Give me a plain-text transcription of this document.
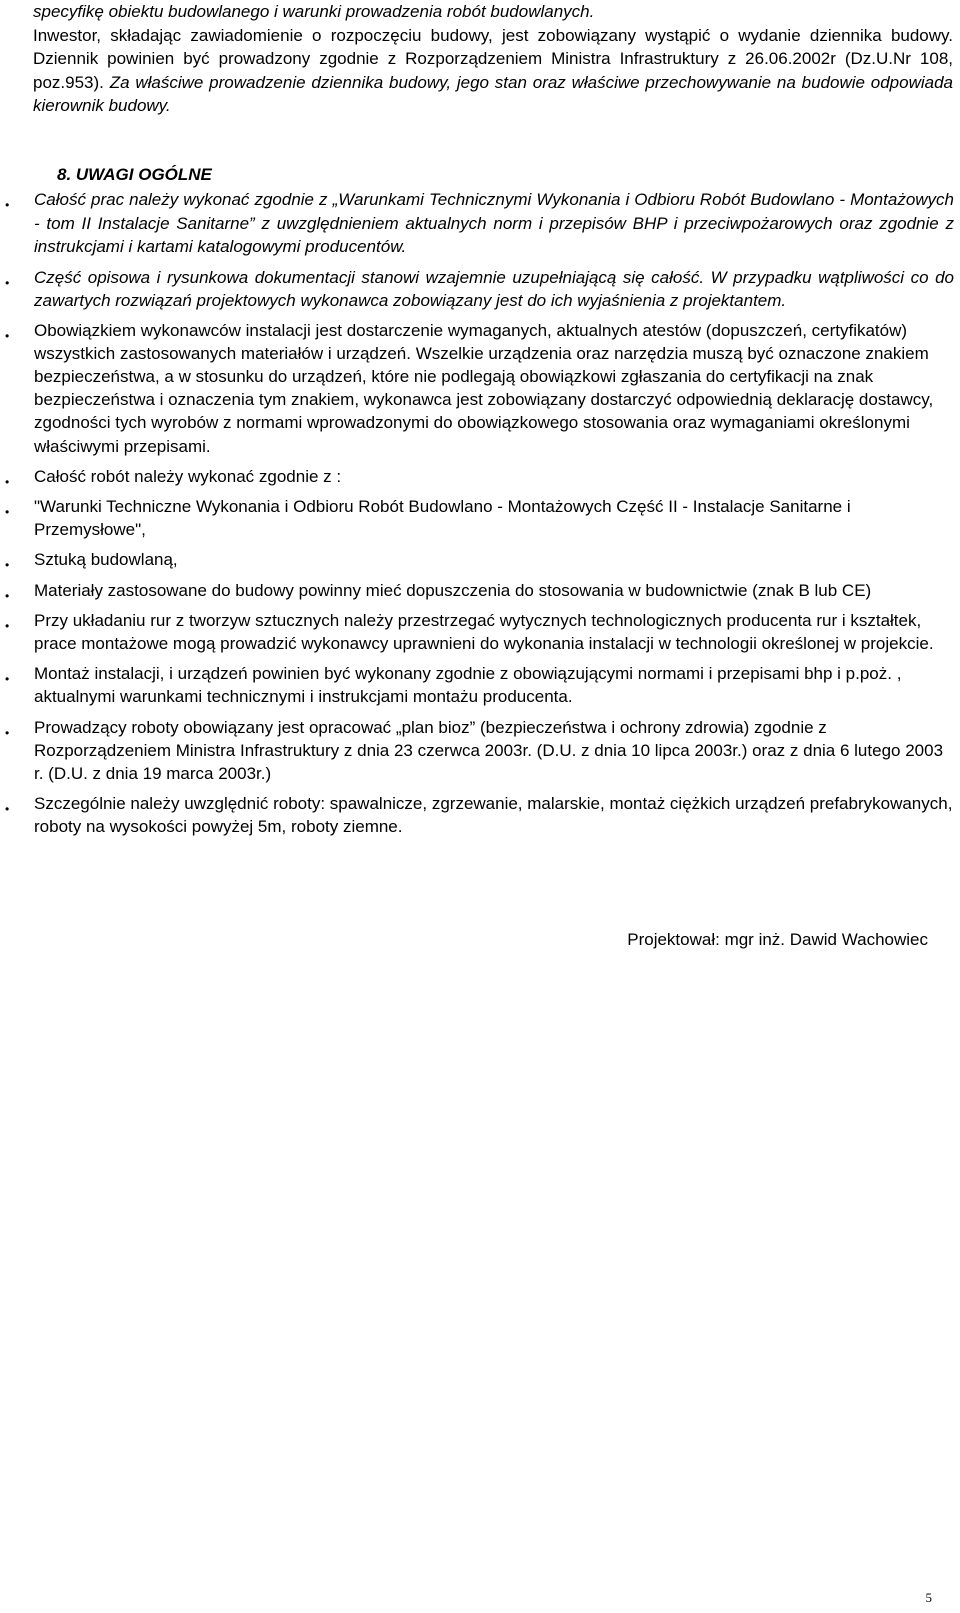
specyfikę obiektu budowlanego i warunki prowadzenia robót budowlanych.

Inwestor, składając zawiadomienie o rozpoczęciu budowy, jest zobowiązany wystąpić o wydanie dziennika budowy. Dziennik powinien być prowadzony zgodnie z Rozporządzeniem Ministra Infrastruktury z 26.06.2002r (Dz.U.Nr 108, poz.953). Za właściwe prowadzenie dziennika budowy, jego stan oraz właściwe przechowywanie na budowie odpowiada kierownik budowy.

8. UWAGI OGÓLNE
• Całość prac należy wykonać zgodnie z „Warunkami Technicznymi Wykonania i Odbioru Robót Budowlano - Montażowych - tom II Instalacje Sanitarne” z uwzględnieniem aktualnych norm i przepisów BHP i przeciwpożarowych oraz zgodnie z instrukcjami i kartami katalogowymi producentów.
• Część opisowa i rysunkowa dokumentacji stanowi wzajemnie uzupełniającą się całość. W przypadku wątpliwości co do zawartych rozwiązań projektowych wykonawca zobowiązany jest do ich wyjaśnienia z projektantem.
• Obowiązkiem wykonawców instalacji jest dostarczenie wymaganych, aktualnych atestów (dopuszczeń, certyfikatów) wszystkich zastosowanych materiałów i urządzeń. Wszelkie urządzenia oraz narzędzia muszą być oznaczone znakiem bezpieczeństwa, a w stosunku do urządzeń, które nie podlegają obowiązkowi zgłaszania do certyfikacji na znak bezpieczeństwa i oznaczenia tym znakiem, wykonawca jest zobowiązany dostarczyć odpowiednią deklarację dostawcy, zgodności tych wyrobów z normami wprowadzonymi do obowiązkowego stosowania oraz wymaganiami określonymi właściwymi przepisami.
• Całość robót należy wykonać zgodnie z :
• "Warunki Techniczne Wykonania i Odbioru Robót Budowlano - Montażowych Część II - Instalacje Sanitarne i Przemysłowe",
• Sztuką budowlaną,
• Materiały zastosowane do budowy powinny mieć dopuszczenia do stosowania w budownictwie (znak B lub CE)
• Przy układaniu rur z tworzyw sztucznych należy przestrzegać wytycznych technologicznych producenta rur i kształtek, prace montażowe mogą prowadzić wykonawcy uprawnieni do wykonania instalacji w technologii określonej w projekcie.
• Montaż instalacji, i urządzeń powinien być wykonany zgodnie z obowiązującymi normami i przepisami bhp i p.poż. , aktualnymi warunkami technicznymi i instrukcjami montażu producenta.
• Prowadzący roboty obowiązany jest opracować „plan bioz” (bezpieczeństwa i ochrony zdrowia) zgodnie z Rozporządzeniem Ministra Infrastruktury z dnia 23 czerwca 2003r. (D.U. z dnia 10 lipca 2003r.) oraz z dnia 6 lutego 2003 r. (D.U. z dnia 19 marca 2003r.)
• Szczególnie należy uwzględnić roboty: spawalnicze, zgrzewanie, malarskie, montaż ciężkich urządzeń prefabrykowanych, roboty na wysokości powyżej 5m, roboty ziemne.

Projektował: mgr inż. Dawid Wachowiec

5
